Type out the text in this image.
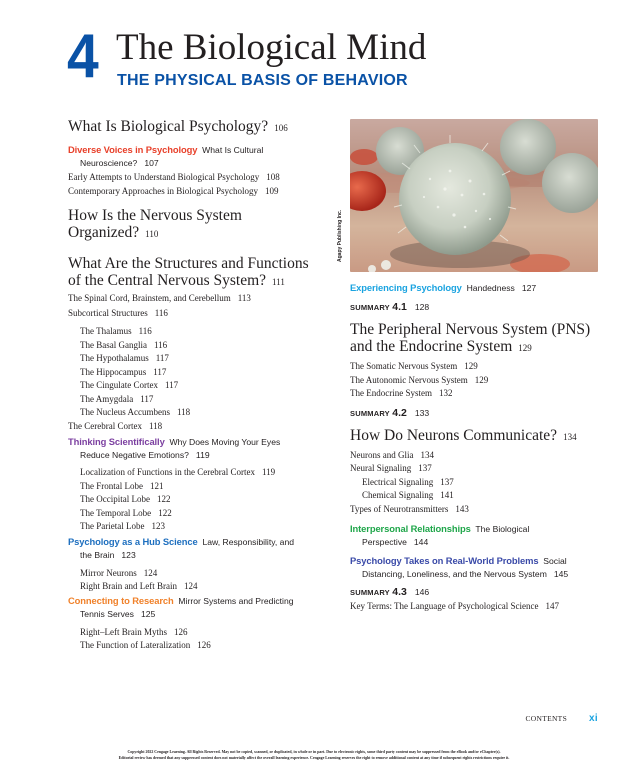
4 The Biological Mind
THE PHYSICAL BASIS OF BEHAVIOR
What Is Biological Psychology? 106
Diverse Voices in Psychology What Is Cultural
Neuroscience? 107
Early Attempts to Understand Biological Psychology 108
Contemporary Approaches in Biological Psychology 109
How Is the Nervous System
Organized? 110
What Are the Structures and Functions
of the Central Nervous System? 111
The Spinal Cord, Brainstem, and Cerebellum 113
Subcortical Structures 116
The Thalamus 116
The Basal Ganglia 116
The Hypothalamus 117
The Hippocampus 117
The Cingulate Cortex 117
The Amygdala 117
The Nucleus Accumbens 118
The Cerebral Cortex 118
Thinking Scientifically Why Does Moving Your Eyes
Reduce Negative Emotions? 119
Localization of Functions in the Cerebral Cortex 119
The Frontal Lobe 121
The Occipital Lobe 122
The Temporal Lobe 122
The Parietal Lobe 123
Psychology as a Hub Science Law, Responsibility, and
the Brain 123
Mirror Neurons 124
Right Brain and Left Brain 124
Connecting to Research Mirror Systems and Predicting
Tennis Serves 125
Right–Left Brain Myths 126
The Function of Lateralization 126
Agapy Publishing Inc.
Experiencing Psychology Handedness 127
SUMMARY 4.1 128
The Peripheral Nervous System (PNS)
and the Endocrine System 129
The Somatic Nervous System 129
The Autonomic Nervous System 129
The Endocrine System 132
SUMMARY 4.2 133
How Do Neurons Communicate? 134
Neurons and Glia 134
Neural Signaling 137
Electrical Signaling 137
Chemical Signaling 141
Types of Neurotransmitters 143
Interpersonal Relationships The Biological
Perspective 144
Psychology Takes on Real-World Problems Social
Distancing, Loneliness, and the Nervous System 145
SUMMARY 4.3 146
Key Terms: The Language of Psychological Science 147
CONTENTS xi
Copyright 2022 Cengage Learning. All Rights Reserved. May not be copied, scanned, or duplicated, in whole or in part. Due to electronic rights, some third party content may be suppressed from the eBook and/or eChapter(s).
Editorial review has deemed that any suppressed content does not materially affect the overall learning experience. Cengage Learning reserves the right to remove additional content at any time if subsequent rights restrictions require it.
